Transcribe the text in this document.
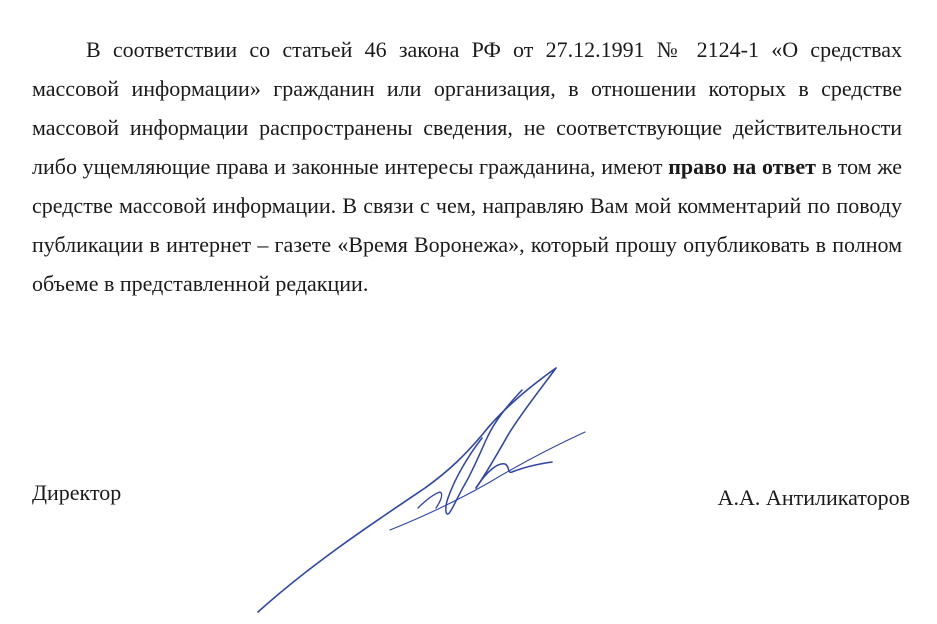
В соответствии со статьей 46 закона РФ от 27.12.1991 № 2124-1 «О средствах массовой информации» гражданин или организация, в отношении которых в средстве массовой информации распространены сведения, не соответствующие действительности либо ущемляющие права и законные интересы гражданина, имеют право на ответ в том же средстве массовой информации. В связи с чем, направляю Вам мой комментарий по поводу публикации в интернет – газете «Время Воронежа», который прошу опубликовать в полном объеме в представленной редакции.

Директор	А.А. Антиликаторов
